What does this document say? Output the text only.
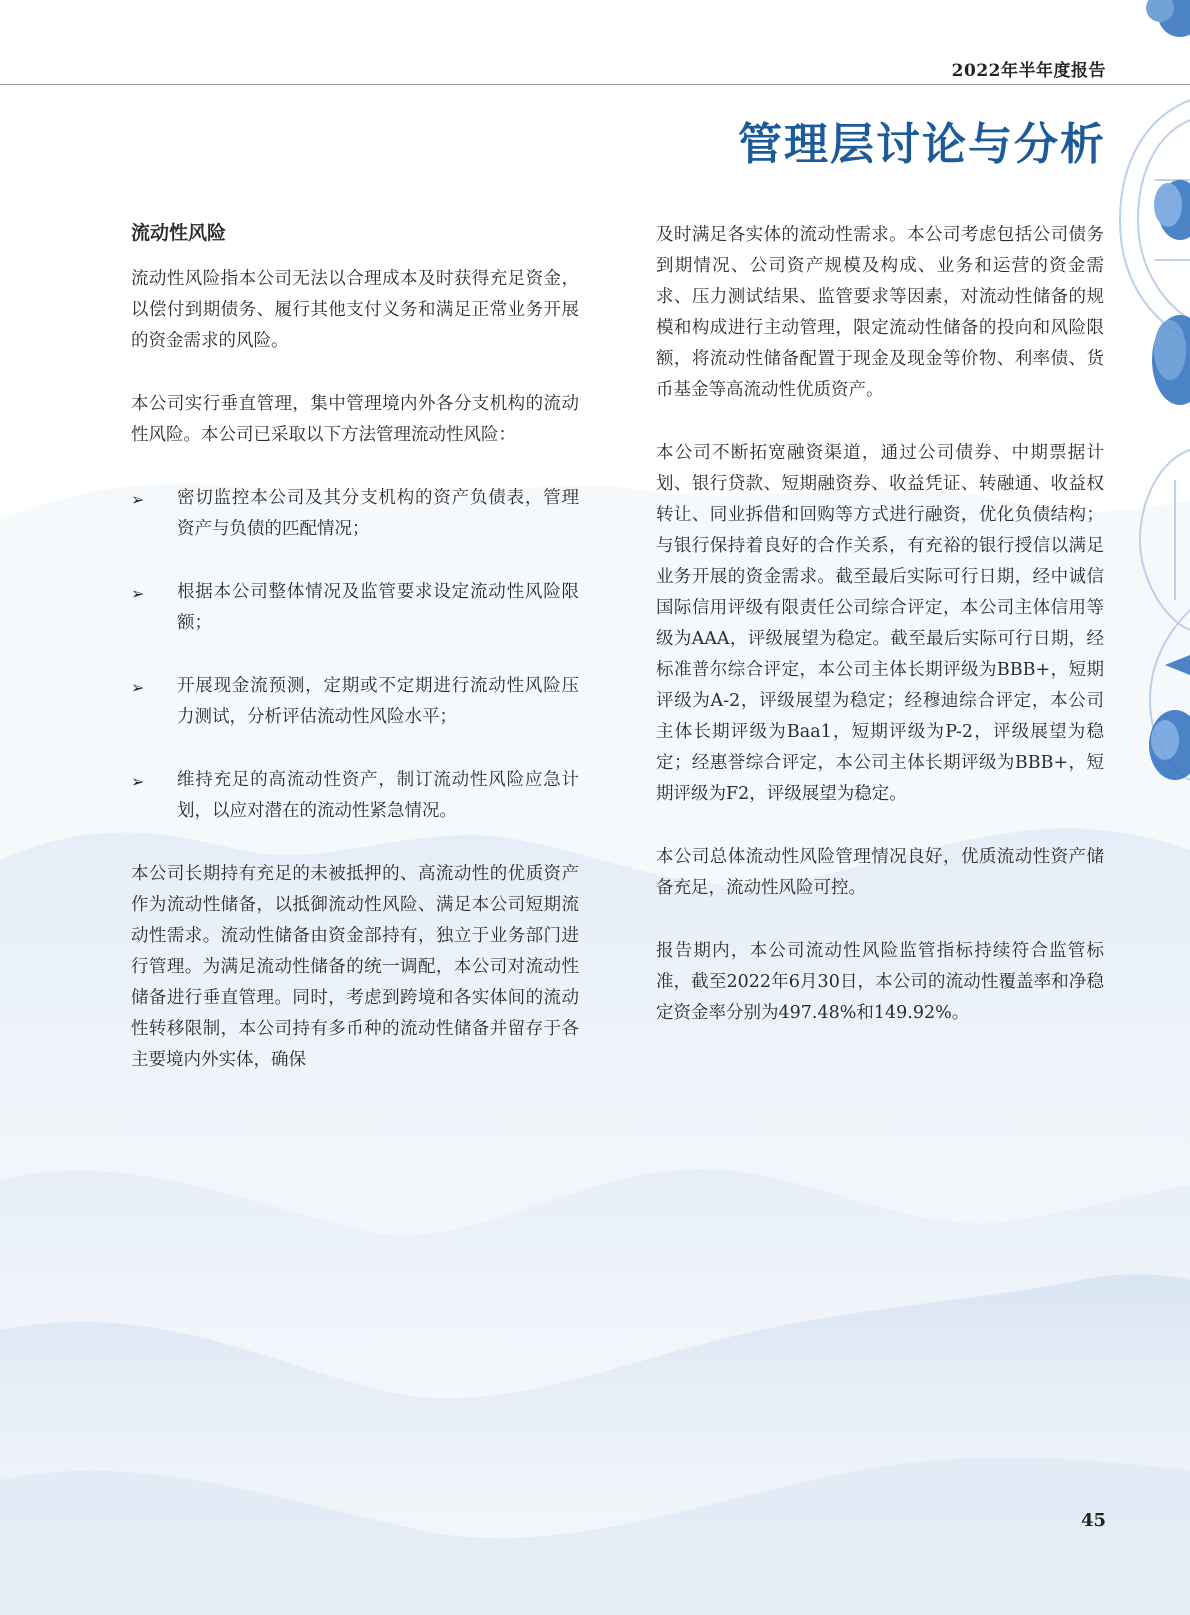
2022年半年度报告
管理层讨论与分析
流动性风险

流动性风险指本公司无法以合理成本及时获得充足资金，以偿付到期债务、履行其他支付义务和满足正常业务开展的资金需求的风险。

本公司实行垂直管理，集中管理境内外各分支机构的流动性风险。本公司已采取以下方法管理流动性风险：

➢	密切监控本公司及其分支机构的资产负债表，管理资产与负债的匹配情况；
➢	根据本公司整体情况及监管要求设定流动性风险限额；
➢	开展现金流预测，定期或不定期进行流动性风险压力测试，分析评估流动性风险水平；
➢	维持充足的高流动性资产，制订流动性风险应急计划，以应对潜在的流动性紧急情况。

本公司长期持有充足的未被抵押的、高流动性的优质资产作为流动性储备，以抵御流动性风险、满足本公司短期流动性需求。流动性储备由资金部持有，独立于业务部门进行管理。为满足流动性储备的统一调配，本公司对流动性储备进行垂直管理。同时，考虑到跨境和各实体间的流动性转移限制，本公司持有多币种的流动性储备并留存于各主要境内外实体，确保

及时满足各实体的流动性需求。本公司考虑包括公司债务到期情况、公司资产规模及构成、业务和运营的资金需求、压力测试结果、监管要求等因素，对流动性储备的规模和构成进行主动管理，限定流动性储备的投向和风险限额，将流动性储备配置于现金及现金等价物、利率债、货币基金等高流动性优质资产。

本公司不断拓宽融资渠道，通过公司债券、中期票据计划、银行贷款、短期融资券、收益凭证、转融通、收益权转让、同业拆借和回购等方式进行融资，优化负债结构；与银行保持着良好的合作关系，有充裕的银行授信以满足业务开展的资金需求。截至最后实际可行日期，经中诚信国际信用评级有限责任公司综合评定，本公司主体信用等级为AAA，评级展望为稳定。截至最后实际可行日期，经标准普尔综合评定，本公司主体长期评级为BBB+，短期评级为A-2，评级展望为稳定；经穆迪综合评定，本公司主体长期评级为Baa1，短期评级为P-2，评级展望为稳定；经惠誉综合评定，本公司主体长期评级为BBB+，短期评级为F2，评级展望为稳定。

本公司总体流动性风险管理情况良好，优质流动性资产储备充足，流动性风险可控。

报告期内，本公司流动性风险监管指标持续符合监管标准，截至2022年6月30日，本公司的流动性覆盖率和净稳定资金率分别为497.48%和149.92%。

45
